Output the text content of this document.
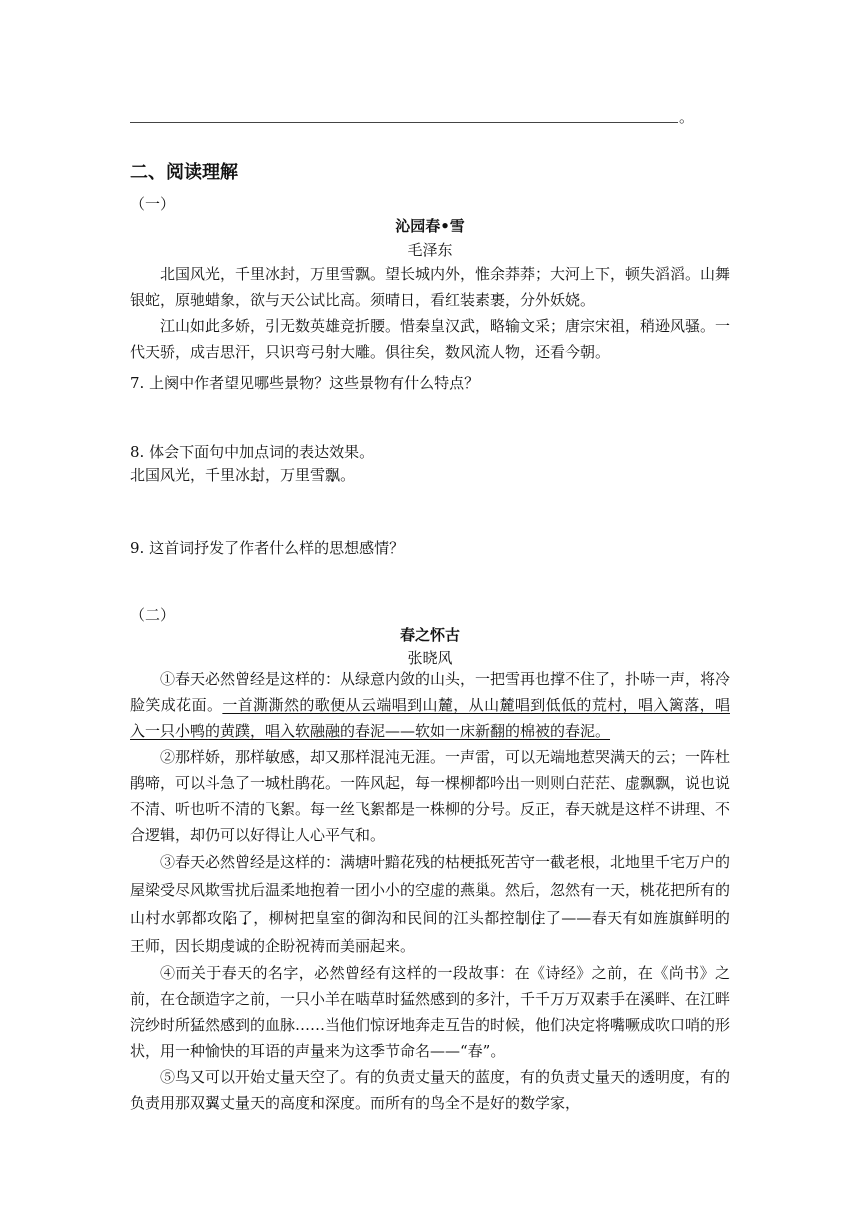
。
二、阅读理解
（一）
沁园春•雪
毛泽东

北国风光，千里冰封，万里雪飘。望长城内外，惟余莽莽；大河上下，顿失滔滔。山舞银蛇，原驰蜡象，欲与天公试比高。须晴日，看红装素裹，分外妖娆。

江山如此多娇，引无数英雄竞折腰。惜秦皇汉武，略输文采；唐宗宋祖，稍逊风骚。一代天骄，成吉思汗，只识弯弓射大雕。俱往矣，数风流人物，还看今朝。

7. 上阕中作者望见哪些景物？这些景物有什么特点？
8. 体会下面句中加点词的表达效果。
北国风光，千里冰封，万里雪飘。
9. 这首词抒发了作者什么样的思想感情？
（二）
春之怀古
张晓风

①春天必然曾经是这样的：从绿意内敛的山头，一把雪再也撑不住了，扑哧一声，将冷脸笑成花面。一首澌澌然的歌便从云端唱到山麓，从山麓唱到低低的荒村，唱入篱落，唱入一只小鸭的黄蹼，唱入软融融的春泥——软如一床新翻的棉被的春泥。

②那样娇，那样敏感，却又那样混沌无涯。一声雷，可以无端地惹哭满天的云；一阵杜鹃啼，可以斗急了一城杜鹃花。一阵风起，每一棵柳都吟出一则则白茫茫、虚飘飘，说也说不清、听也听不清的飞絮。每一丝飞絮都是一株柳的分号。反正，春天就是这样不讲理、不合逻辑，却仍可以好得让人心平气和。

③春天必然曾经是这样的：满塘叶黯花残的枯梗抵死苦守一截老根，北地里千宅万户的屋梁受尽风欺雪扰后温柔地抱着一团小小的空虚的燕巢。然后，忽然有一天，桃花把所有的山村水郭都攻陷了，柳树把皇室的御沟和民间的江头都控制住了——春天有如旌旗鲜明的王师，因长期虔诚的企盼祝祷而美丽起来。

④而关于春天的名字，必然曾经有这样的一段故事：在《诗经》之前，在《尚书》之前，在仓颉造字之前，一只小羊在啮草时猛然感到的多汁，千千万万双素手在溪畔、在江畔浣纱时所猛然感到的血脉……当他们惊讶地奔走互告的时候，他们决定将嘴噘成吹口哨的形状，用一种愉快的耳语的声量来为这季节命名——“春”。

⑤鸟又可以开始丈量天空了。有的负责丈量天的蓝度，有的负责丈量天的透明度，有的负责用那双翼丈量天的高度和深度。而所有的鸟全不是好的数学家，
